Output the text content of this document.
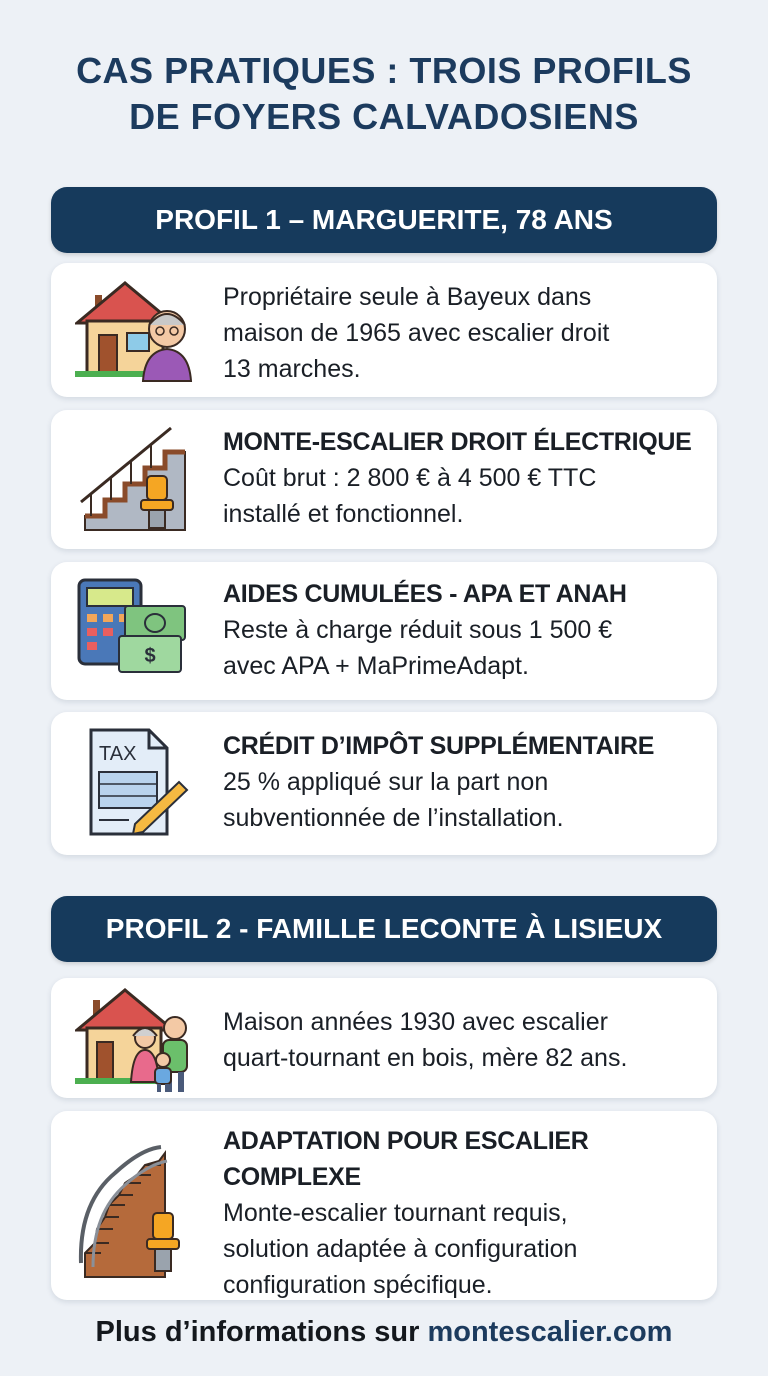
CAS PRATIQUES : TROIS PROFILS
DE FOYERS CALVADOSIENS
PROFIL 1 – MARGUERITE, 78 ANS
Propriétaire seule à Bayeux dans
maison de 1965 avec escalier droit
13 marches.
MONTE-ESCALIER DROIT ÉLECTRIQUE
Coût brut : 2 800 € à 4 500 € TTC
installé et fonctionnel.
$
AIDES CUMULÉES - APA ET ANAH
Reste à charge réduit sous 1 500 €
avec APA + MaPrimeAdapt.
TAX	CRÉDIT D’IMPÔT SUPPLÉMENTAIRE
25 % appliqué sur la part non
subventionnée de l’installation.
PROFIL 2 - FAMILLE LECONTE À LISIEUX
Maison années 1930 avec escalier
quart-tournant en bois, mère 82 ans.
ADAPTATION POUR ESCALIER
COMPLEXE
Monte-escalier tournant requis,
solution adaptée à configuration
configuration spécifique.
Plus d’informations sur montescalier.com
